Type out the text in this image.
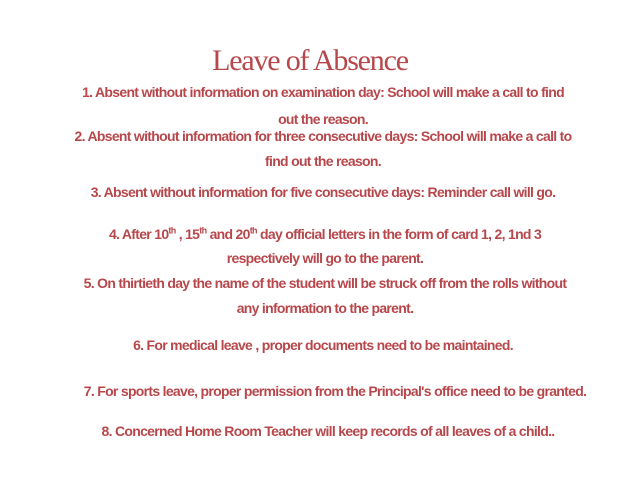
Leave of Absence
1. Absent without information on examination day: School will make a call to find
out the reason.
2. Absent without information for three consecutive days: School will make a call to
find out the reason.
3. Absent without information for five consecutive days: Reminder call will go.
4. After 10th , 15th and 20th day official letters in the form of card 1, 2, 1nd 3
respectively will go to the parent.
5. On thirtieth day the name of the student will be struck off from the rolls without
any information to the parent.
6. For medical leave , proper documents need to be maintained.
7. For sports leave, proper permission from the Principal's office need to be granted.
8. Concerned Home Room Teacher will keep records of all leaves of a child..
